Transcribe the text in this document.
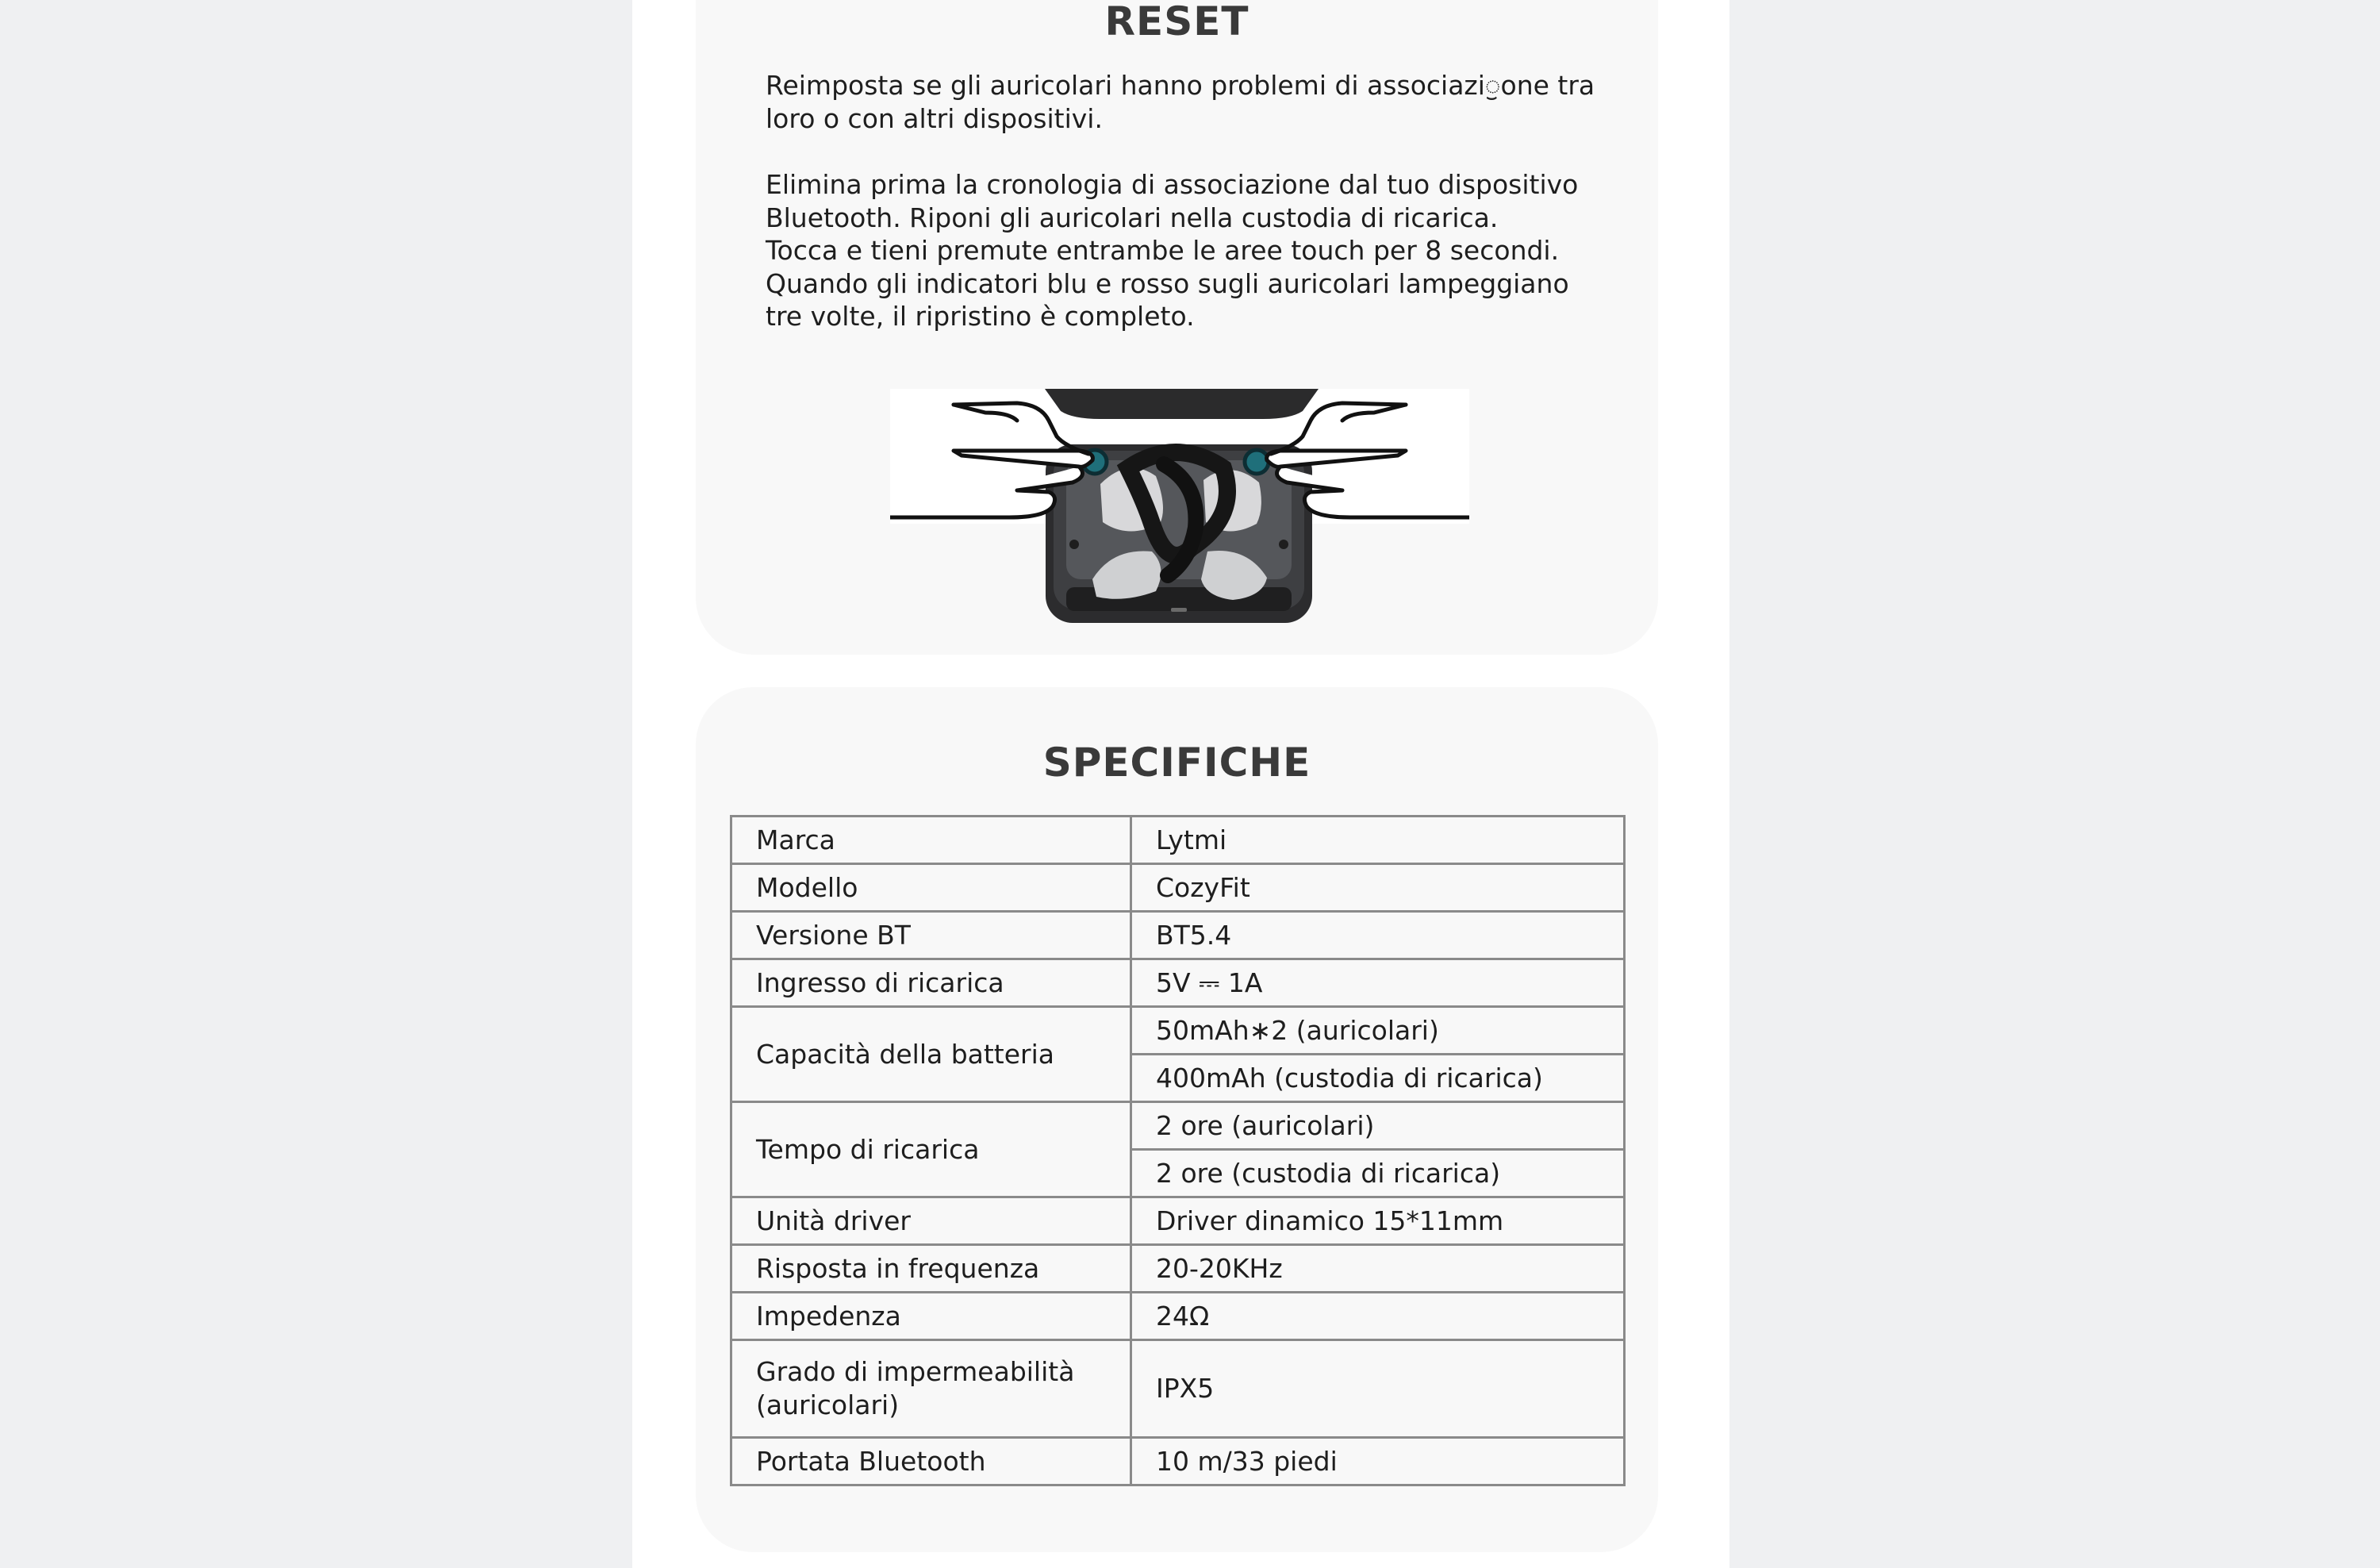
RESET

Reimposta se gli auricolari hanno problemi di associaziॖone tra
loro o con altri dispositivi.

Elimina prima la cronologia di associazione dal tuo dispositivo
Bluetooth. Riponi gli auricolari nella custodia di ricarica.
Tocca e tieni premute entrambe le aree touch per 8 secondi.
Quando gli indicatori blu e rosso sugli auricolari lampeggiano
tre volte, il ripristino è completo.

SPECIFICHE
Marca	Lytmi
Modello	CozyFit
Versione BT	BT5.4
Ingresso di ricarica	5V ⎓ 1A
Capacità della batteria	50mAh∗2 (auricolari)
	400mAh (custodia di ricarica)
Tempo di ricarica	2 ore (auricolari)
	2 ore (custodia di ricarica)
Unità driver	Driver dinamico 15*11mm
Risposta in frequenza	20-20KHz
Impedenza	24Ω
Grado di impermeabilità
(auricolari)	IPX5
Portata Bluetooth	10 m/33 piedi
